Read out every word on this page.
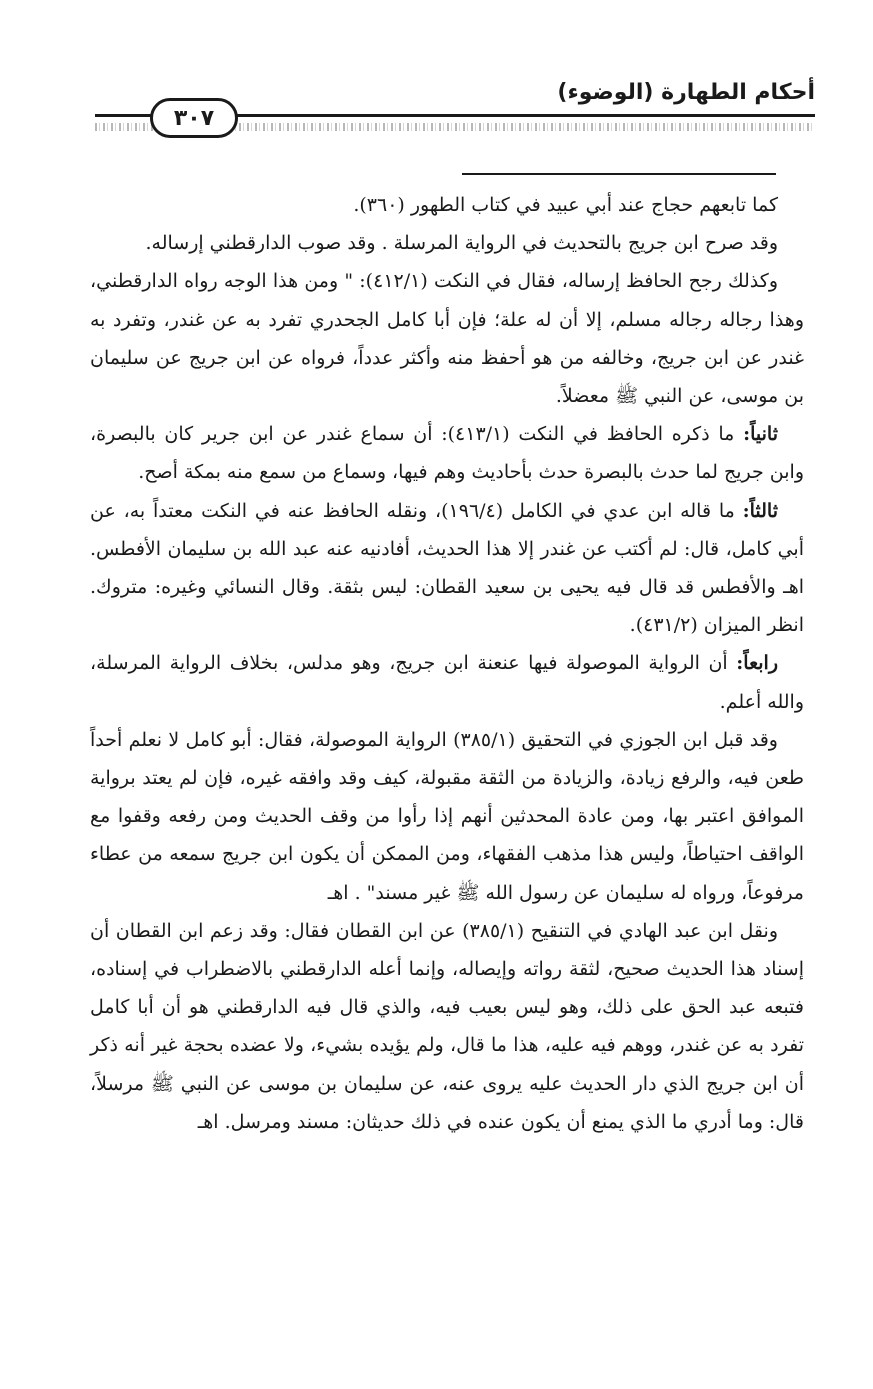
أحكام الطهارة (الوضوء)
٣٠٧

كما تابعهم حجاج عند أبي عبيد في كتاب الطهور (٣٦٠).

وقد صرح ابن جريج بالتحديث في الرواية المرسلة . وقد صوب الدارقطني إرساله.

وكذلك رجح الحافظ إرساله، فقال في النكت (٤١٢/١): " ومن هذا الوجه رواه الدارقطني، وهذا رجاله رجاله مسلم، إلا أن له علة؛ فإن أبا كامل الجحدري تفرد به عن غندر، وتفرد به غندر عن ابن جريج، وخالفه من هو أحفظ منه وأكثر عدداً، فرواه عن ابن جريج عن سليمان بن موسى، عن النبي ﷺ معضلاً.

ثانياً: ما ذكره الحافظ في النكت (٤١٣/١): أن سماع غندر عن ابن جرير كان بالبصرة، وابن جريج لما حدث بالبصرة حدث بأحاديث وهم فيها، وسماع من سمع منه بمكة أصح.

ثالثاً: ما قاله ابن عدي في الكامل (١٩٦/٤)، ونقله الحافظ عنه في النكت معتداً به، عن أبي كامل، قال: لم أكتب عن غندر إلا هذا الحديث، أفادنيه عنه عبد الله بن سليمان الأفطس. اهـ والأفطس قد قال فيه يحيى بن سعيد القطان: ليس بثقة. وقال النسائي وغيره: متروك. انظر الميزان (٤٣١/٢).

رابعاً: أن الرواية الموصولة فيها عنعنة ابن جريج، وهو مدلس، بخلاف الرواية المرسلة، والله أعلم.

وقد قبل ابن الجوزي في التحقيق (٣٨٥/١) الرواية الموصولة، فقال: أبو كامل لا نعلم أحداً طعن فيه، والرفع زيادة، والزيادة من الثقة مقبولة، كيف وقد وافقه غيره، فإن لم يعتد برواية الموافق اعتبر بها، ومن عادة المحدثين أنهم إذا رأوا من وقف الحديث ومن رفعه وقفوا مع الواقف احتياطاً، وليس هذا مذهب الفقهاء، ومن الممكن أن يكون ابن جريج سمعه من عطاء مرفوعاً، ورواه له سليمان عن رسول الله ﷺ غير مسند" . اهـ

ونقل ابن عبد الهادي في التنقيح (٣٨٥/١) عن ابن القطان فقال: وقد زعم ابن القطان أن إسناد هذا الحديث صحيح، لثقة رواته وإيصاله، وإنما أعله الدارقطني بالاضطراب في إسناده، فتبعه عبد الحق على ذلك، وهو ليس بعيب فيه، والذي قال فيه الدارقطني هو أن أبا كامل تفرد به عن غندر، ووهم فيه عليه، هذا ما قال، ولم يؤيده بشيء، ولا عضده بحجة غير أنه ذكر أن ابن جريج الذي دار الحديث عليه يروى عنه، عن سليمان بن موسى عن النبي ﷺ مرسلاً، قال: وما أدري ما الذي يمنع أن يكون عنده في ذلك حديثان: مسند ومرسل. اهـ
